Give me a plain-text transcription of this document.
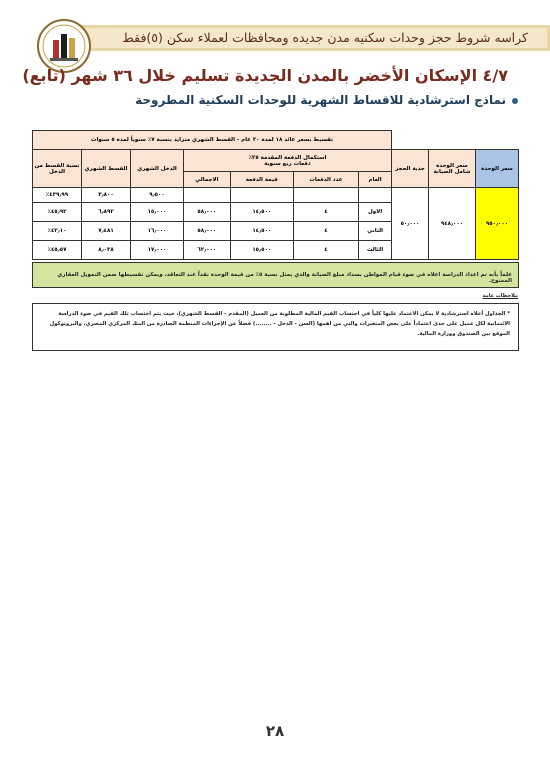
كراسه شروط حجز وحدات سكنيه مدن جديده ومحافظات لعملاء سكن (٥)فقط
٤/٧ الإسكان الأخضر بالمدن الجديدة تسليم خلال ٣٦ شهر (تابع)
نماذج استرشادية للاقساط الشهرية للوحدات السكنية المطروحة
			تقسيط بسعر عائد ١٨ لمدة ٢٠ عام - القسط الشهري متزايد بنسبة ٧٪ سنوياً لمدة ٥ سنوات						
سعر الوحدة	سعر الوحدة شامل الصيانة	جدية الحجز	استكمال الدفعة المقدمة ٢٥٪
دفعات ربع سنوية				الدخل الشهري	القسط الشهري	نسبة القسط من الدخل
			العام	عدد الدفعات	قيمة الدفعة	الاجمالي			
٩٥٠٫٠٠٠	٩٤٨٫٠٠٠	٥٠٫٠٠٠					٩٫٥٠٠	٣٫٨٠٠	٤٣٩٫٩٩٪
			الاول	٤	١٤٫٥٠٠	٥٨٫٠٠٠	١٥٫٠٠٠	٦٫٨٩٢	٤٥٫٩٢٪
			الثاني	٤	١٤٫٥٠٠	٥٨٫٠٠٠	١٦٫٠٠٠	٧٫٤٨١	٤٣٫١٠٪
			الثالث	٤	١٥٫٥٠٠	٦٢٫٠٠٠	١٧٫٠٠٠	٨٫٠٣٨	٤٥٫٥٧٪
علماً بأنه تم اعداد الدراسة اعلاه في ضوء قيام المواطن بسداد مبلغ الصيانة والذي يمثل نسبة ٥٪ من قيمة الوحدة نقداً عند التعاقد، ويمكن تقسيطها ضمن التمويل العقاري الممنوح.
ملاحظات عامة
* الجداول أعلاه استرشادية لا يمكن الاعتماد عليها كلياً في احتساب القيم المالية المطلوبة من العميل (المقدم - القسط الشهري)، حيث يتم احتساب تلك القيم في ضوء الدراسة الائتمانية لكل عميل على حدى اعتماداً على بعض المتغيرات والتي من اهمها (السن - الدخل - ........) فضلاً عن الإجراءات المنظمة الصادرة من البنك المركزي المصري، والبروتوكول الموقع بين الصندوق ووزارة المالية.
٢٨
